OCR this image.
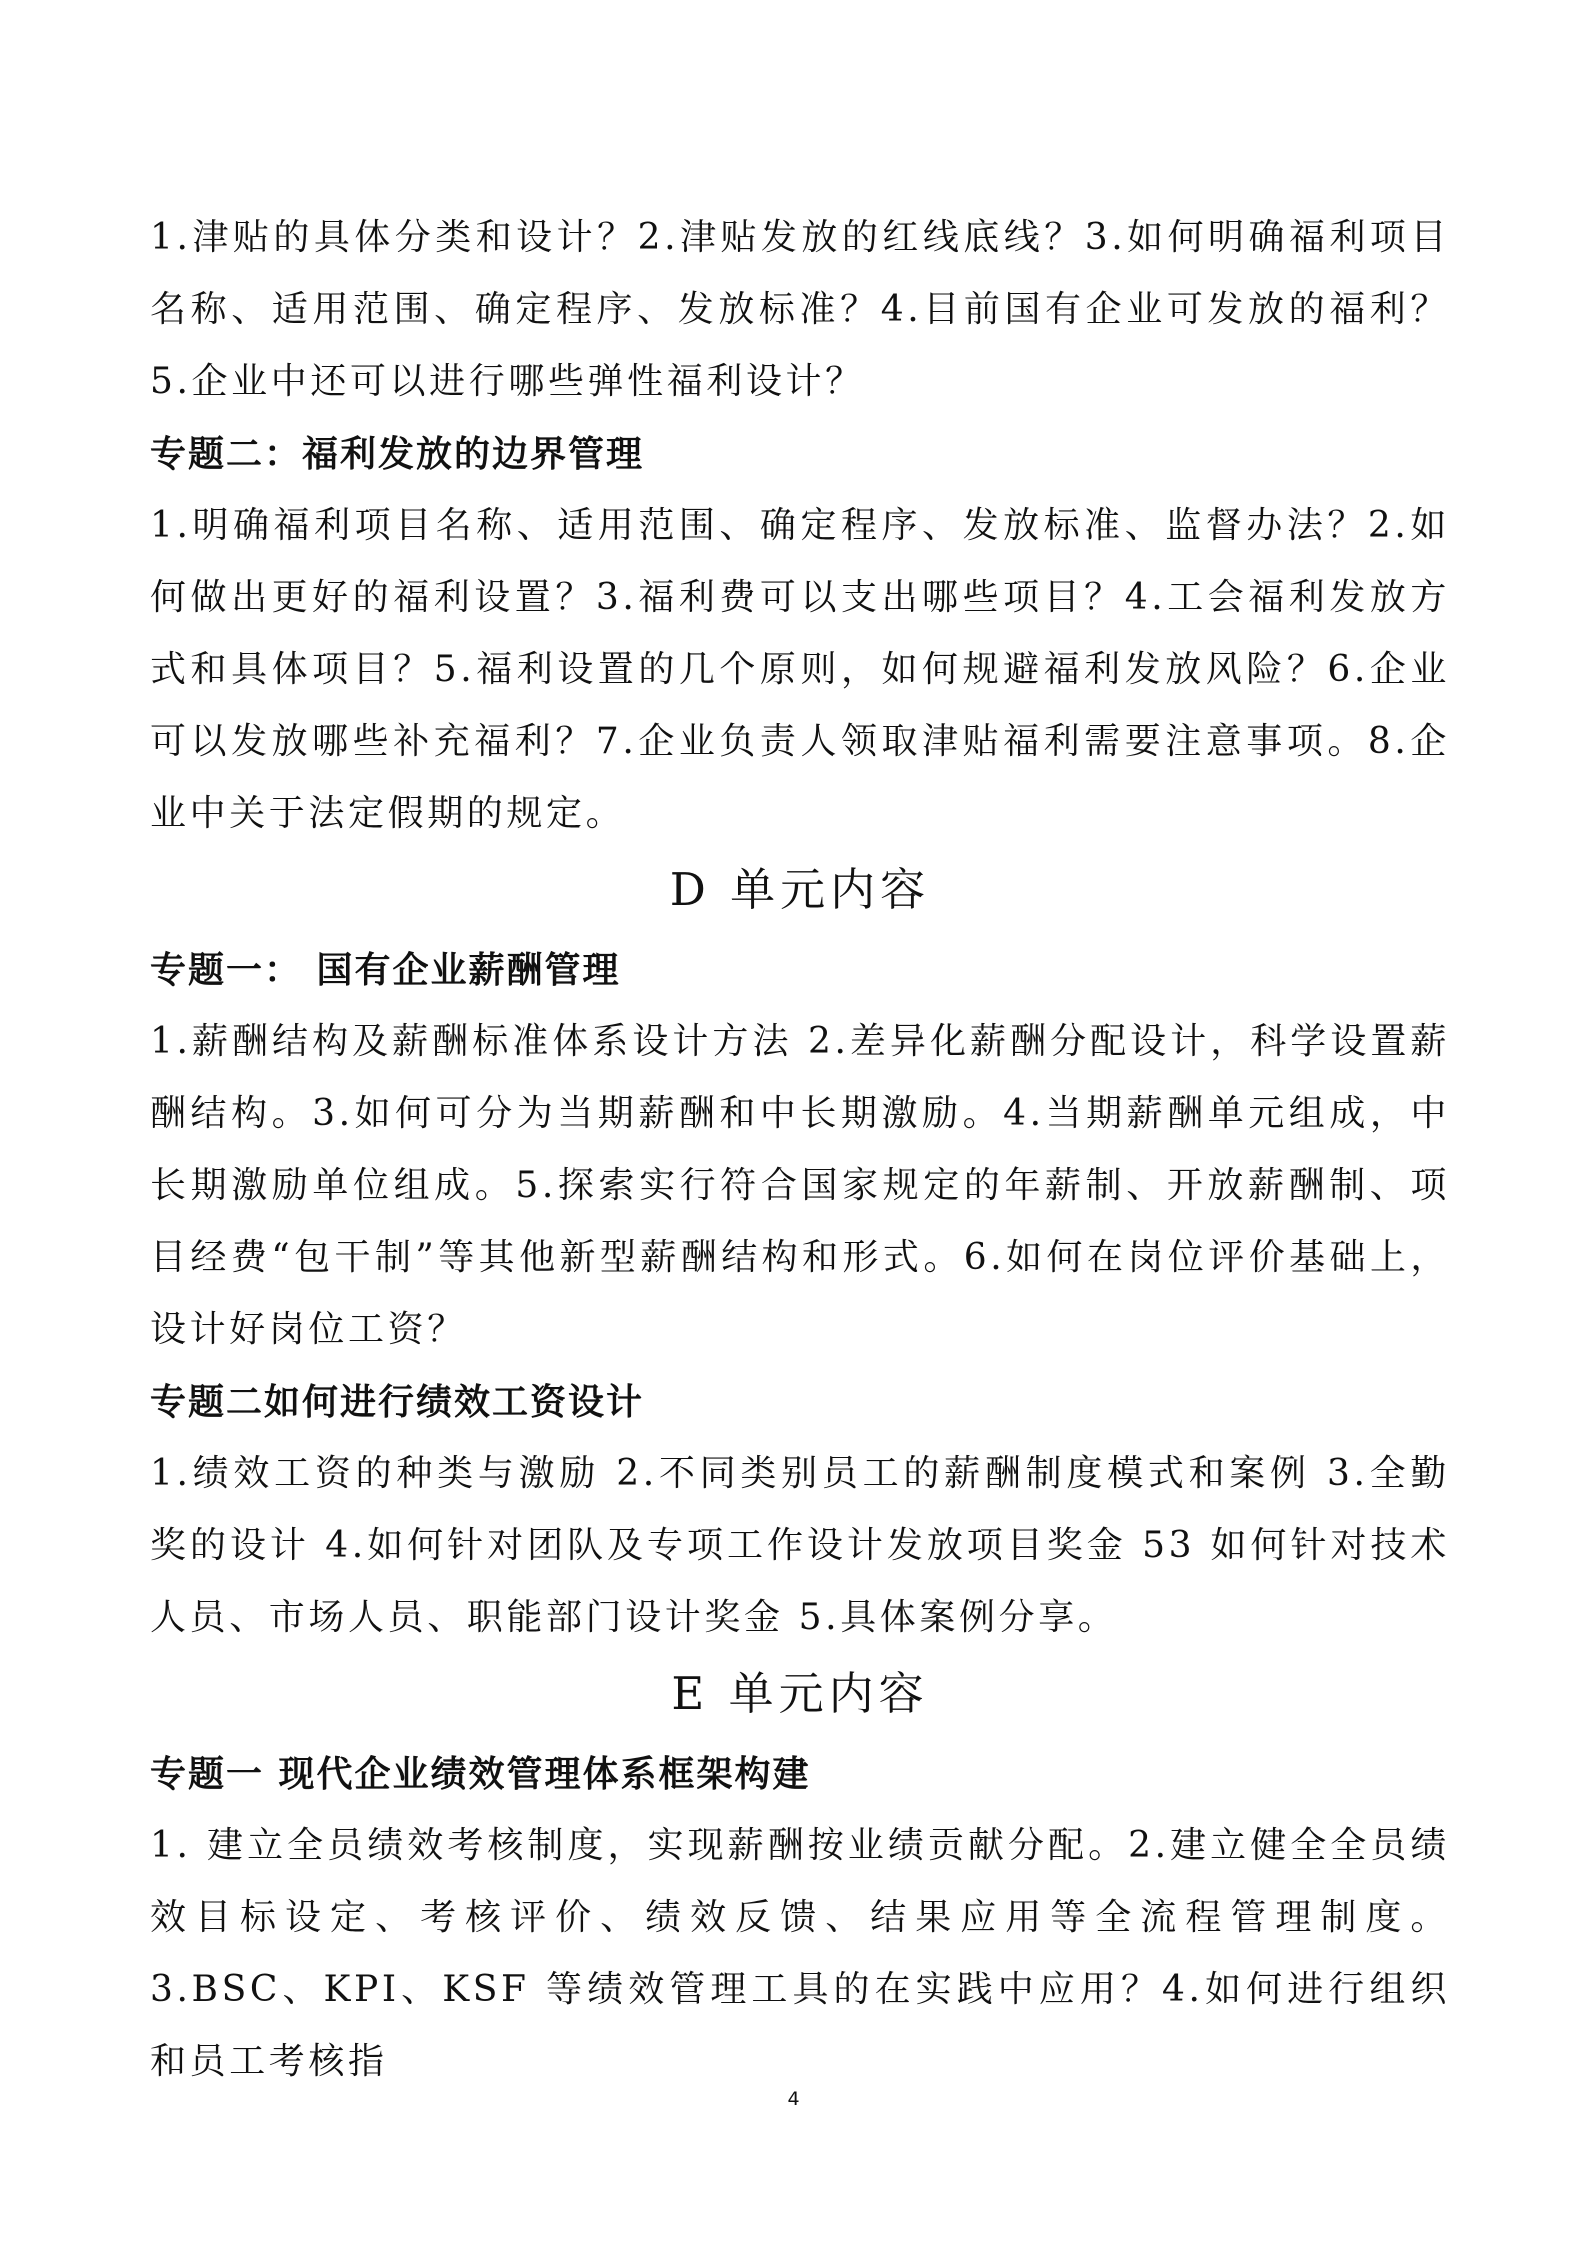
1.津贴的具体分类和设计？2.津贴发放的红线底线？3.如何明确福利项目名称、适用范围、确定程序、发放标准？4.目前国有企业可发放的福利？5.企业中还可以进行哪些弹性福利设计？

专题二：福利发放的边界管理

1.明确福利项目名称、适用范围、确定程序、发放标准、监督办法？2.如何做出更好的福利设置？3.福利费可以支出哪些项目？4.工会福利发放方式和具体项目？5.福利设置的几个原则，如何规避福利发放风险？6.企业可以发放哪些补充福利？7.企业负责人领取津贴福利需要注意事项。8.企业中关于法定假期的规定。

D 单元内容
专题一： 国有企业薪酬管理

1.薪酬结构及薪酬标准体系设计方法 2.差异化薪酬分配设计，科学设置薪酬结构。3.如何可分为当期薪酬和中长期激励。4.当期薪酬单元组成，中长期激励单位组成。5.探索实行符合国家规定的年薪制、开放薪酬制、项目经费“包干制”等其他新型薪酬结构和形式。6.如何在岗位评价基础上，设计好岗位工资？

专题二如何进行绩效工资设计

1.绩效工资的种类与激励 2.不同类别员工的薪酬制度模式和案例 3.全勤奖的设计 4.如何针对团队及专项工作设计发放项目奖金 53 如何针对技术人员、市场人员、职能部门设计奖金 5.具体案例分享。

E 单元内容
专题一 现代企业绩效管理体系框架构建

1. 建立全员绩效考核制度，实现薪酬按业绩贡献分配。2.建立健全全员绩效目标设定、考核评价、绩效反馈、结果应用等全流程管理制度。3.BSC、KPI、KSF 等绩效管理工具的在实践中应用？4.如何进行组织和员工考核指

4
